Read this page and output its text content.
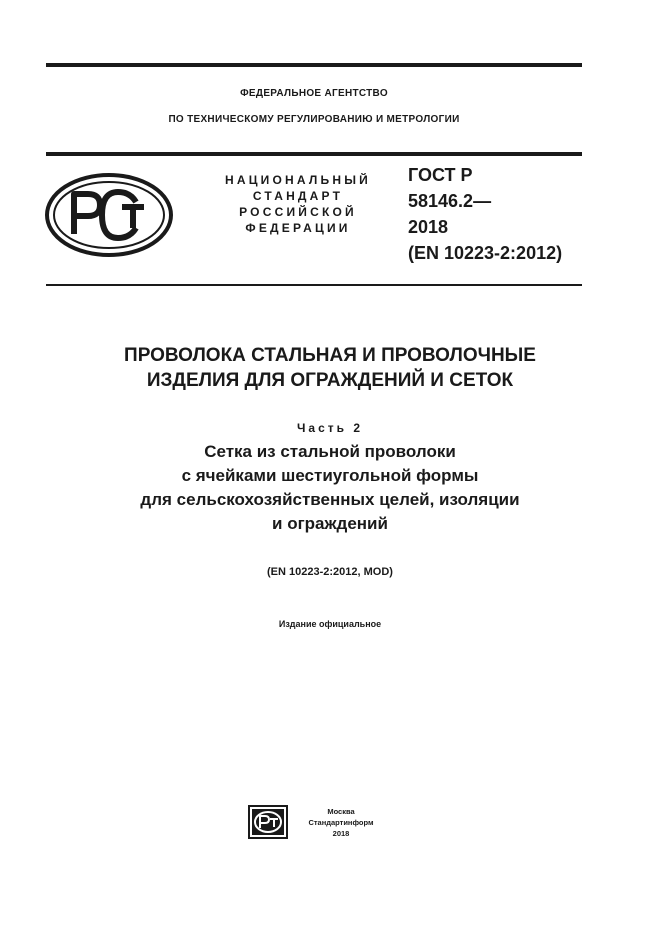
ФЕДЕРАЛЬНОЕ АГЕНТСТВО
ПО ТЕХНИЧЕСКОМУ РЕГУЛИРОВАНИЮ И МЕТРОЛОГИИ
НАЦИОНАЛЬНЫЙ
СТАНДАРТ
РОССИЙСКОЙ
ФЕДЕРАЦИИ
ГОСТ Р
58146.2—
2018
(EN 10223-2:2012)
ПРОВОЛОКА СТАЛЬНАЯ И ПРОВОЛОЧНЫЕ
ИЗДЕЛИЯ ДЛЯ ОГРАЖДЕНИЙ И СЕТОК
Часть 2
Сетка из стальной проволоки
с ячейками шестиугольной формы
для сельскохозяйственных целей, изоляции
и ограждений
(EN 10223-2:2012, MOD)
Издание официальное
Москва
Стандартинформ
2018
